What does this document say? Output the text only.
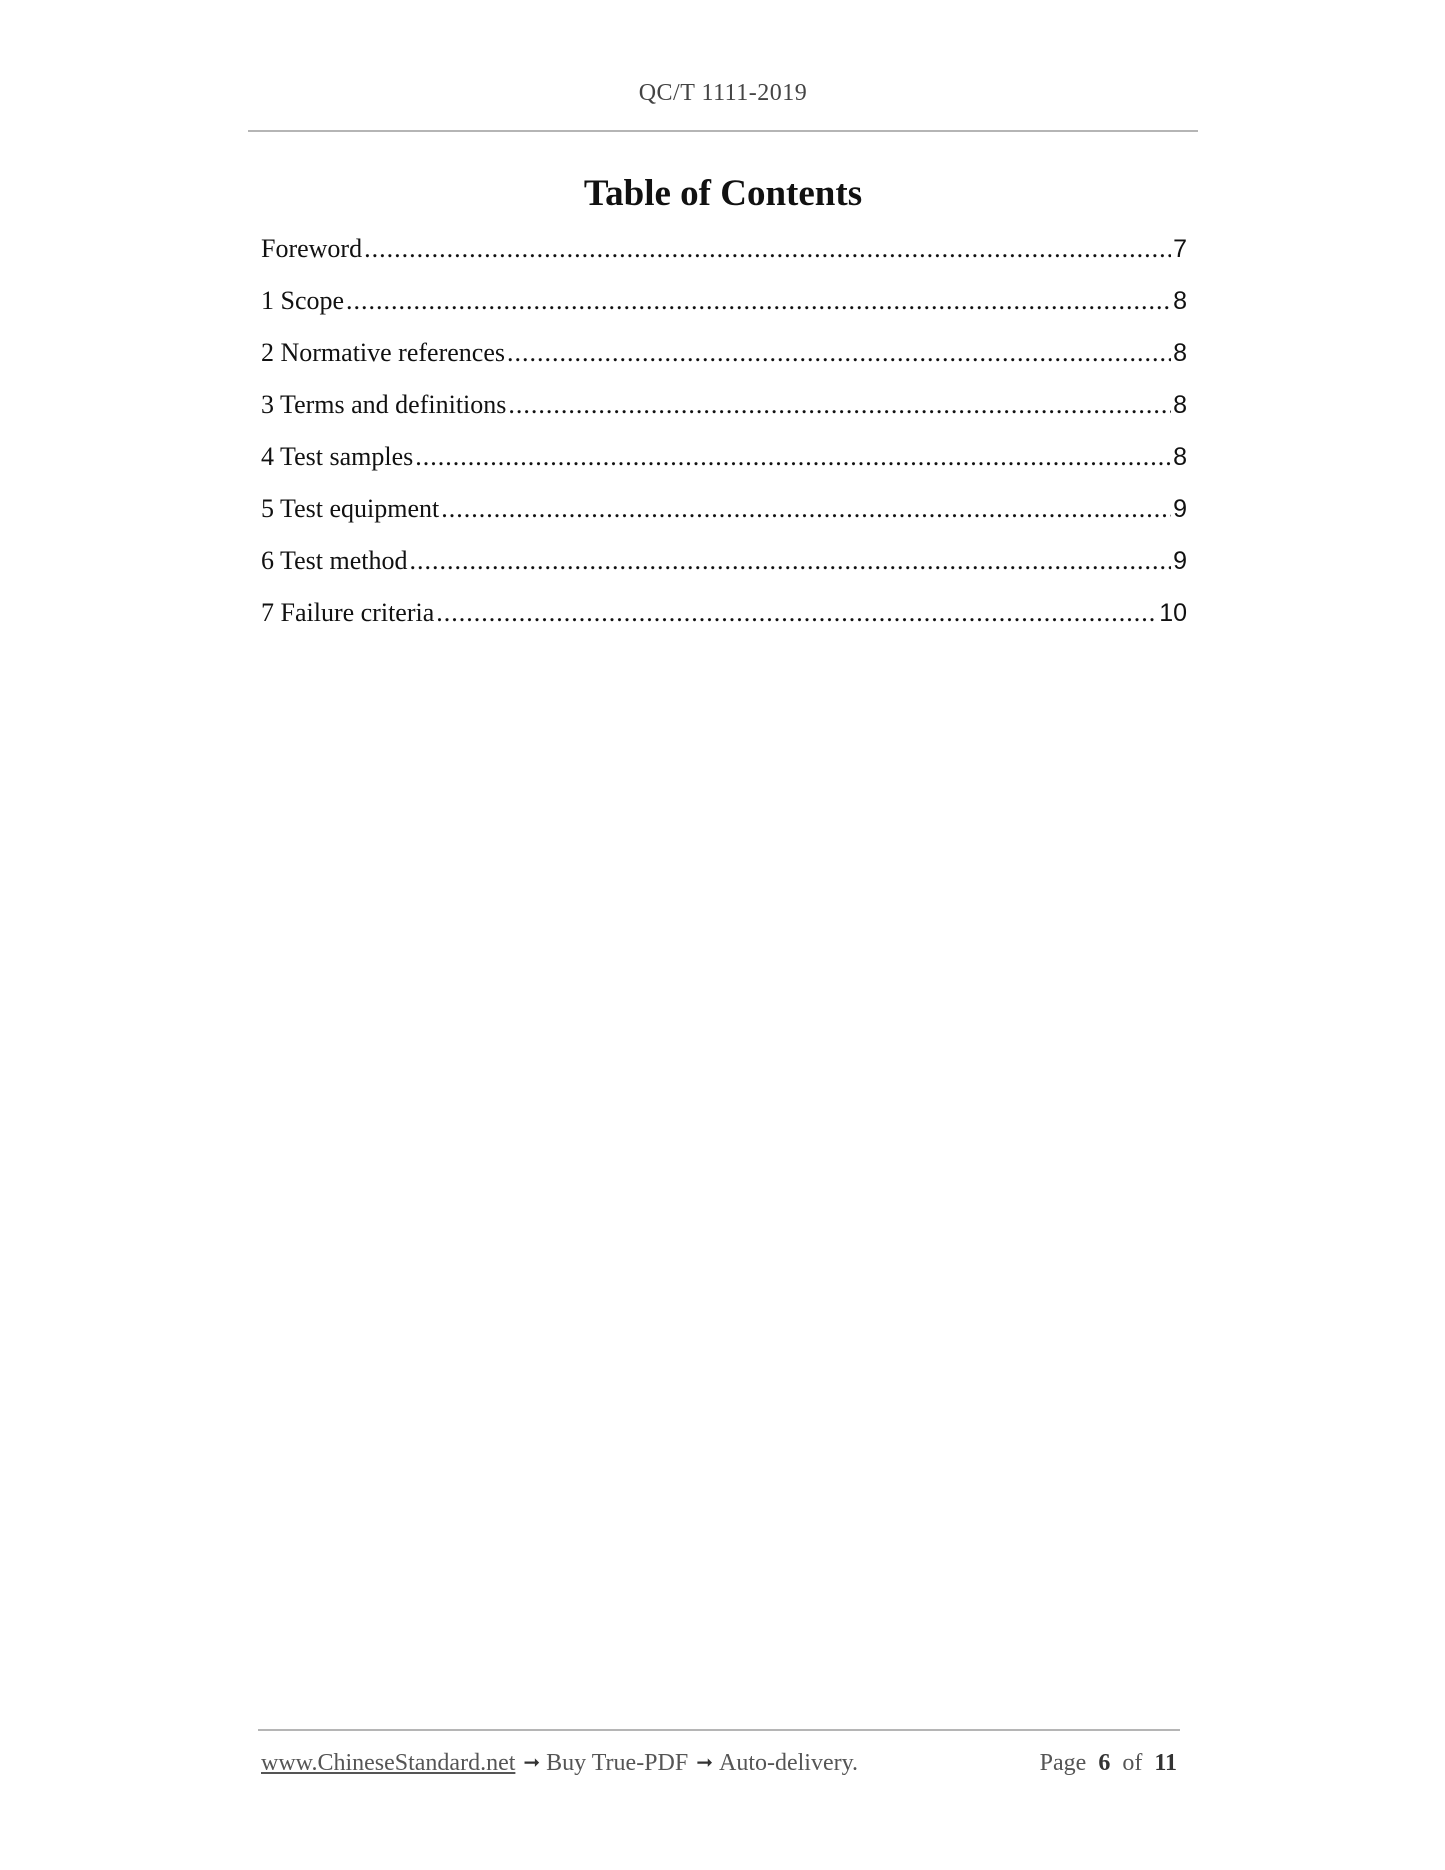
QC/T 1111-2019
Table of Contents
Foreword .....	7
1 Scope .....	8
2 Normative references .....	8
3 Terms and definitions .....	8
4 Test samples .....	8
5 Test equipment .....	9
6 Test method .....	9
7 Failure criteria .....	10
www.ChineseStandard.net ➞ Buy True-PDF ➞ Auto-delivery.	Page 6 of 11
